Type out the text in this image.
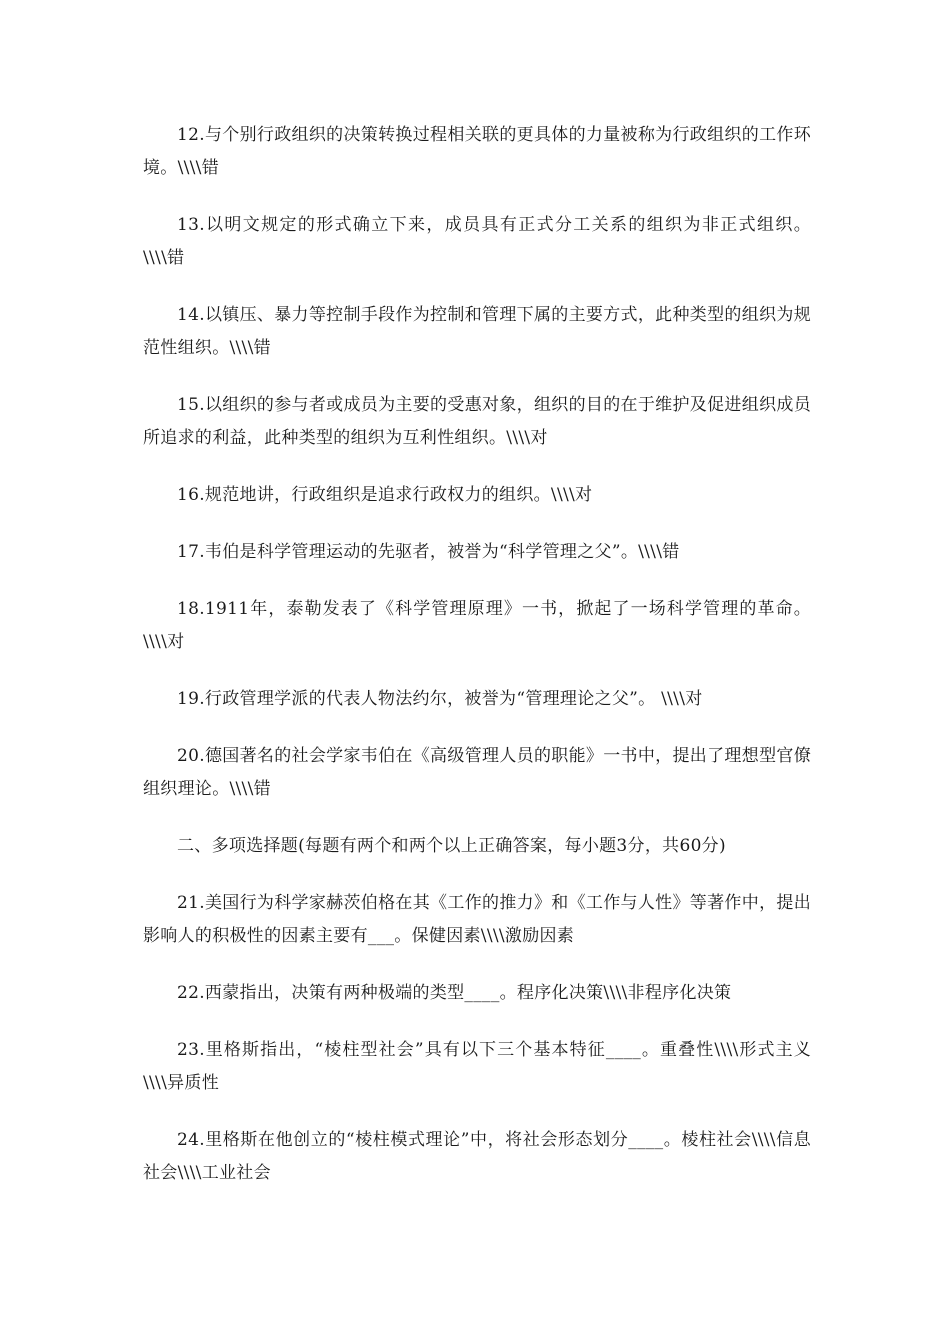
12.与个别行政组织的决策转换过程相关联的更具体的力量被称为行政组织的工作环境。\\\\错

13.以明文规定的形式确立下来，成员具有正式分工关系的组织为非正式组织。\\\\错

14.以镇压、暴力等控制手段作为控制和管理下属的主要方式，此种类型的组织为规范性组织。\\\\错

15.以组织的参与者或成员为主要的受惠对象，组织的目的在于维护及促进组织成员所追求的利益，此种类型的组织为互利性组织。\\\\对

16.规范地讲，行政组织是追求行政权力的组织。\\\\对

17.韦伯是科学管理运动的先驱者，被誉为“科学管理之父”。\\\\错

18.1911年，泰勒发表了《科学管理原理》一书，掀起了一场科学管理的革命。\\\\对

19.行政管理学派的代表人物法约尔，被誉为“管理理论之父”。 \\\\对

20.德国著名的社会学家韦伯在《高级管理人员的职能》一书中，提出了理想型官僚组织理论。\\\\错

二、多项选择题(每题有两个和两个以上正确答案，每小题3分，共60分)

21.美国行为科学家赫茨伯格在其《工作的推力》和《工作与人性》等著作中，提出影响人的积极性的因素主要有___。保健因素\\\\激励因素

22.西蒙指出，决策有两种极端的类型____。程序化决策\\\\非程序化决策

23.里格斯指出，“棱柱型社会”具有以下三个基本特征____。重叠性\\\\形式主义\\\\异质性

24.里格斯在他创立的“棱柱模式理论”中，将社会形态划分____。棱柱社会\\\\信息社会\\\\工业社会
